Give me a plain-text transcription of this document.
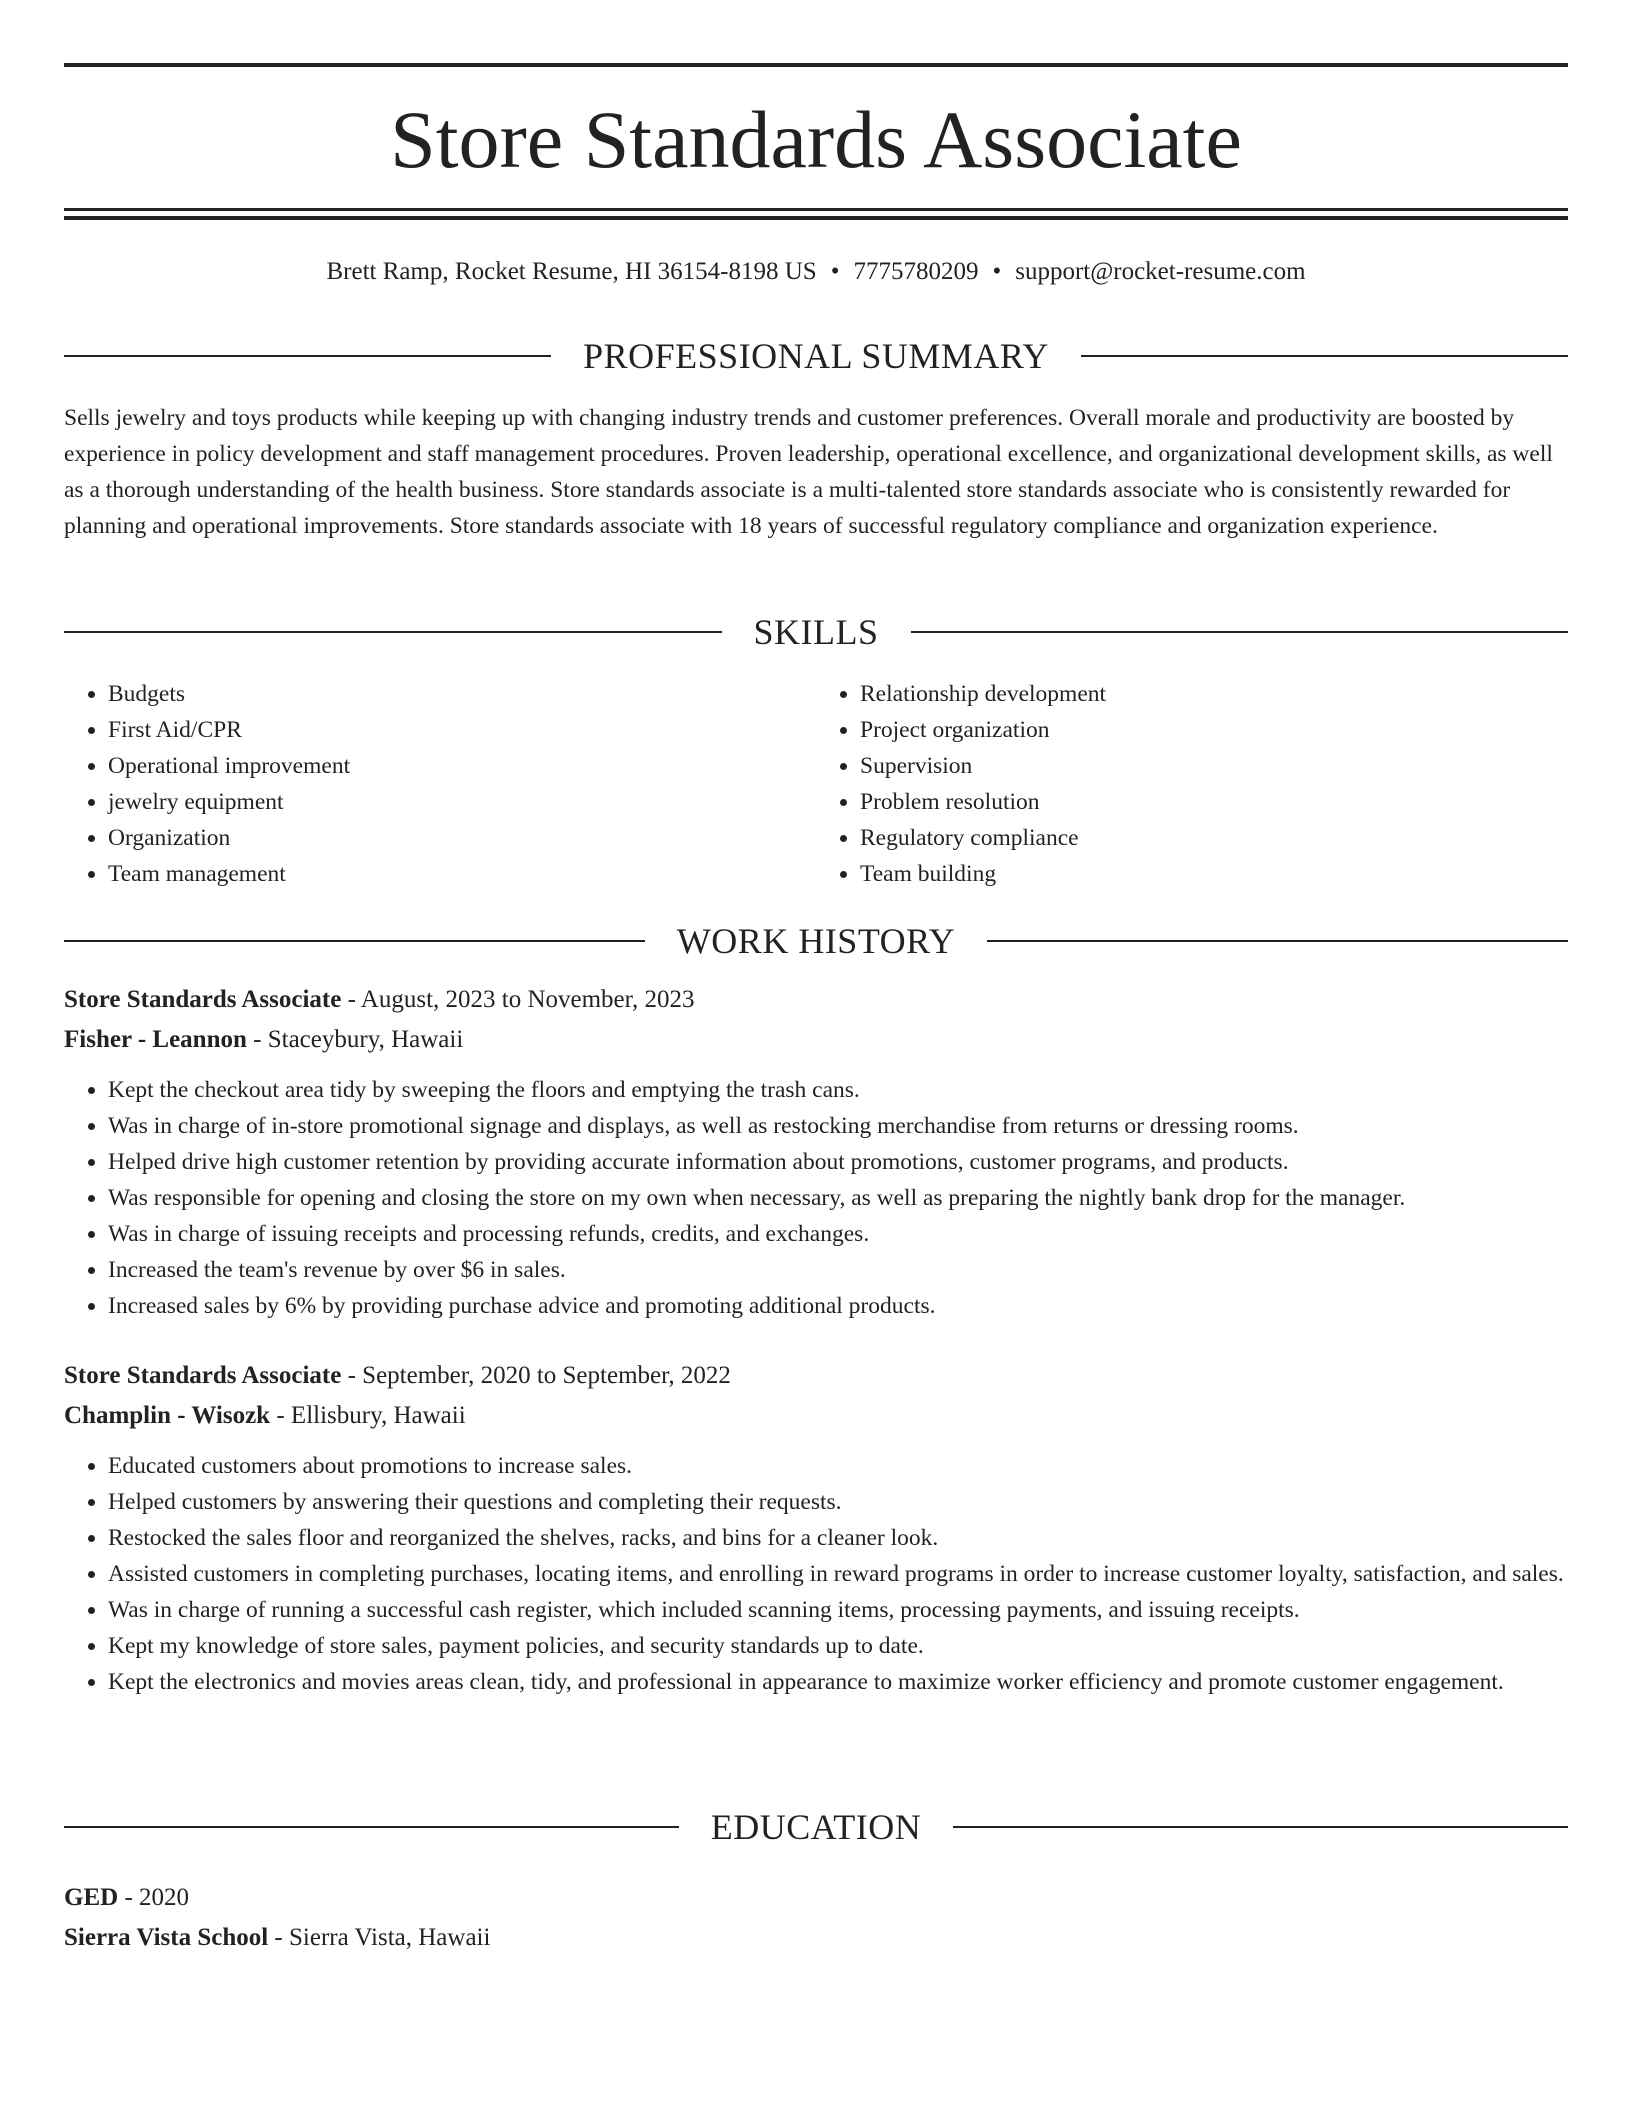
Store Standards Associate
Brett Ramp, Rocket Resume, HI 36154-8198 US • 7775780209 • support@rocket-resume.com
PROFESSIONAL SUMMARY

Sells jewelry and toys products while keeping up with changing industry trends and customer preferences. Overall morale and productivity are boosted by experience in policy development and staff management procedures. Proven leadership, operational excellence, and organizational development skills, as well as a thorough understanding of the health business. Store standards associate is a multi-talented store standards associate who is consistently rewarded for planning and operational improvements. Store standards associate with 18 years of successful regulatory compliance and organization experience.

SKILLS
• Budgets
• First Aid/CPR
• Operational improvement
• jewelry equipment
• Organization
• Team management
• Relationship development
• Project organization
• Supervision
• Problem resolution
• Regulatory compliance
• Team building
WORK HISTORY
Store Standards Associate - August, 2023 to November, 2023
Fisher - Leannon - Staceybury, Hawaii
• Kept the checkout area tidy by sweeping the floors and emptying the trash cans.
• Was in charge of in-store promotional signage and displays, as well as restocking merchandise from returns or dressing rooms.
• Helped drive high customer retention by providing accurate information about promotions, customer programs, and products.
• Was responsible for opening and closing the store on my own when necessary, as well as preparing the nightly bank drop for the manager.
• Was in charge of issuing receipts and processing refunds, credits, and exchanges.
• Increased the team's revenue by over $6 in sales.
• Increased sales by 6% by providing purchase advice and promoting additional products.
Store Standards Associate - September, 2020 to September, 2022
Champlin - Wisozk - Ellisbury, Hawaii
• Educated customers about promotions to increase sales.
• Helped customers by answering their questions and completing their requests.
• Restocked the sales floor and reorganized the shelves, racks, and bins for a cleaner look.
• Assisted customers in completing purchases, locating items, and enrolling in reward programs in order to increase customer loyalty, satisfaction, and sales.
• Was in charge of running a successful cash register, which included scanning items, processing payments, and issuing receipts.
• Kept my knowledge of store sales, payment policies, and security standards up to date.
• Kept the electronics and movies areas clean, tidy, and professional in appearance to maximize worker efficiency and promote customer engagement.
EDUCATION
GED - 2020
Sierra Vista School - Sierra Vista, Hawaii
